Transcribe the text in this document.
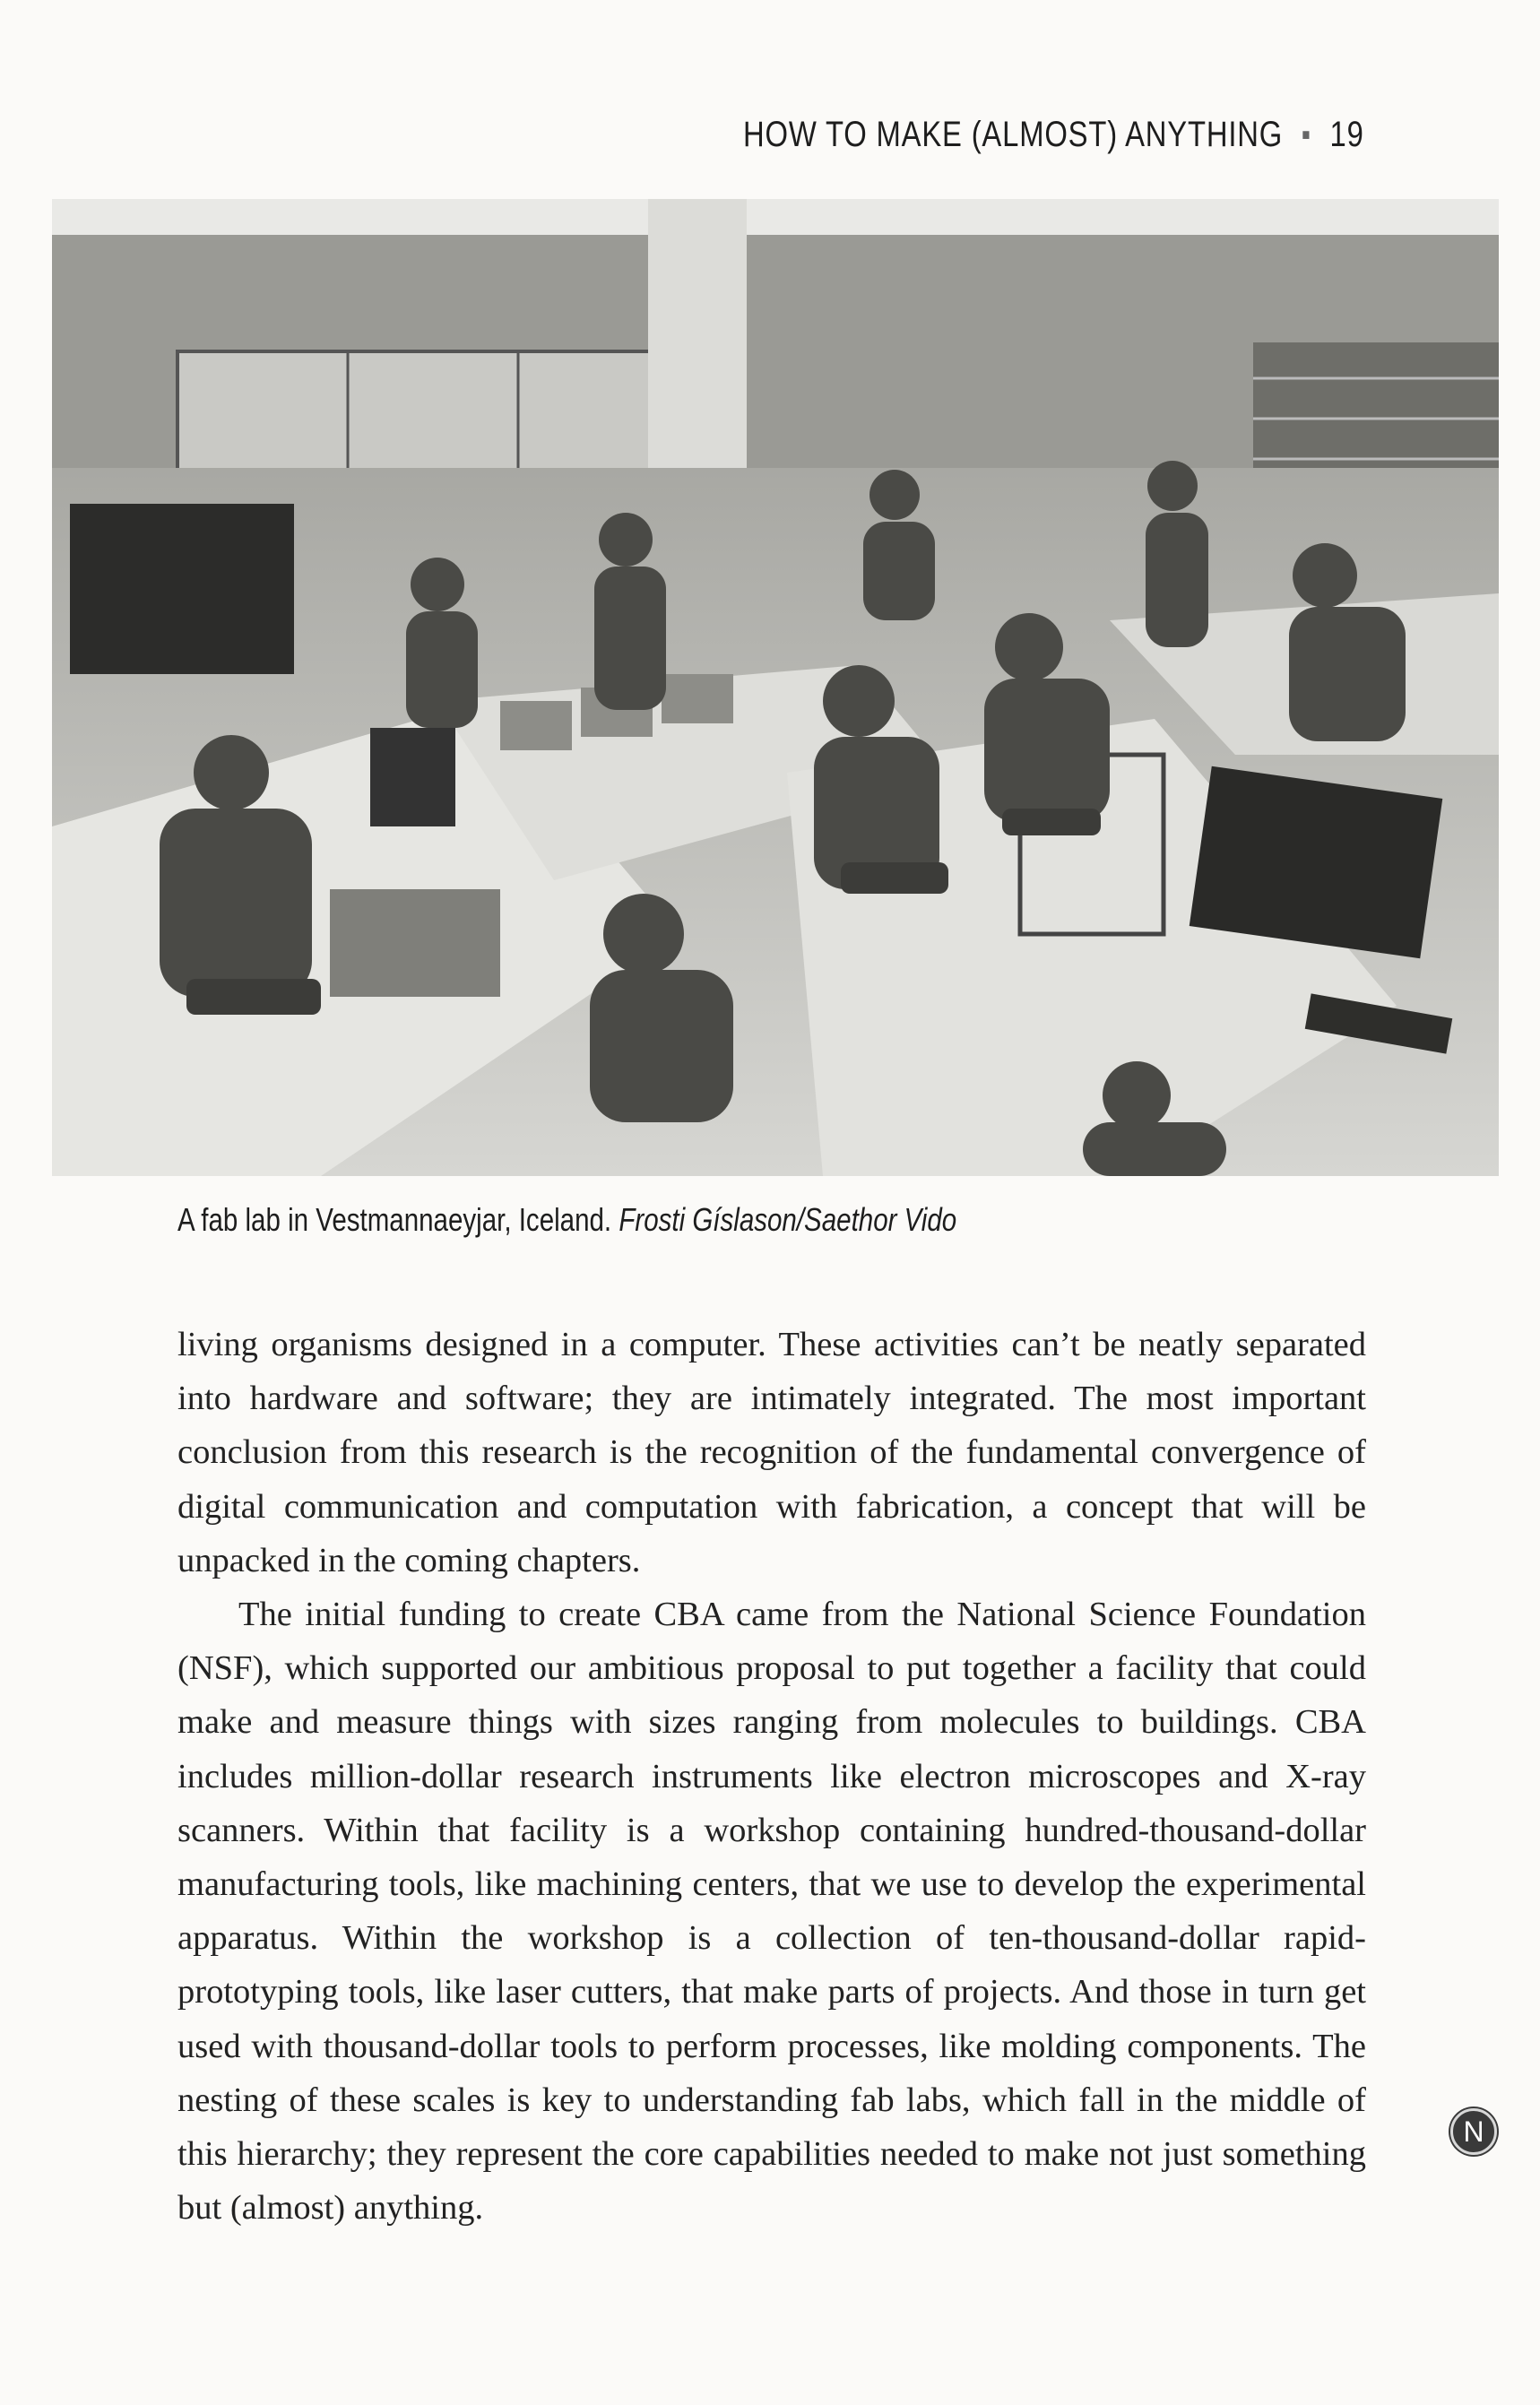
HOW TO MAKE (ALMOST) ANYTHING ■ 19
A fab lab in Vestmannaeyjar, Iceland. Frosti Gíslason/Saethor Vido

living organisms designed in a computer. These activities can’t be neatly separated into hardware and software; they are intimately integrated. The most important conclusion from this research is the recognition of the fundamental convergence of digital communication and computation with fabrication, a concept that will be unpacked in the coming chapters.

The initial funding to create CBA came from the National Science Foundation (NSF), which supported our ambitious proposal to put together a facility that could make and measure things with sizes ranging from molecules to buildings. CBA includes million-dollar research instruments like electron microscopes and X-ray scanners. Within that facility is a workshop containing hundred-thousand-dollar manufacturing tools, like machining centers, that we use to develop the experimental apparatus. Within the workshop is a collection of ten-thousand-dollar rapid-prototyping tools, like laser cutters, that make parts of projects. And those in turn get used with thousand-dollar tools to perform processes, like molding components. The nesting of these scales is key to understanding fab labs, which fall in the middle of this hierarchy; they represent the core capabilities needed to make not just something but (almost) anything.

N
